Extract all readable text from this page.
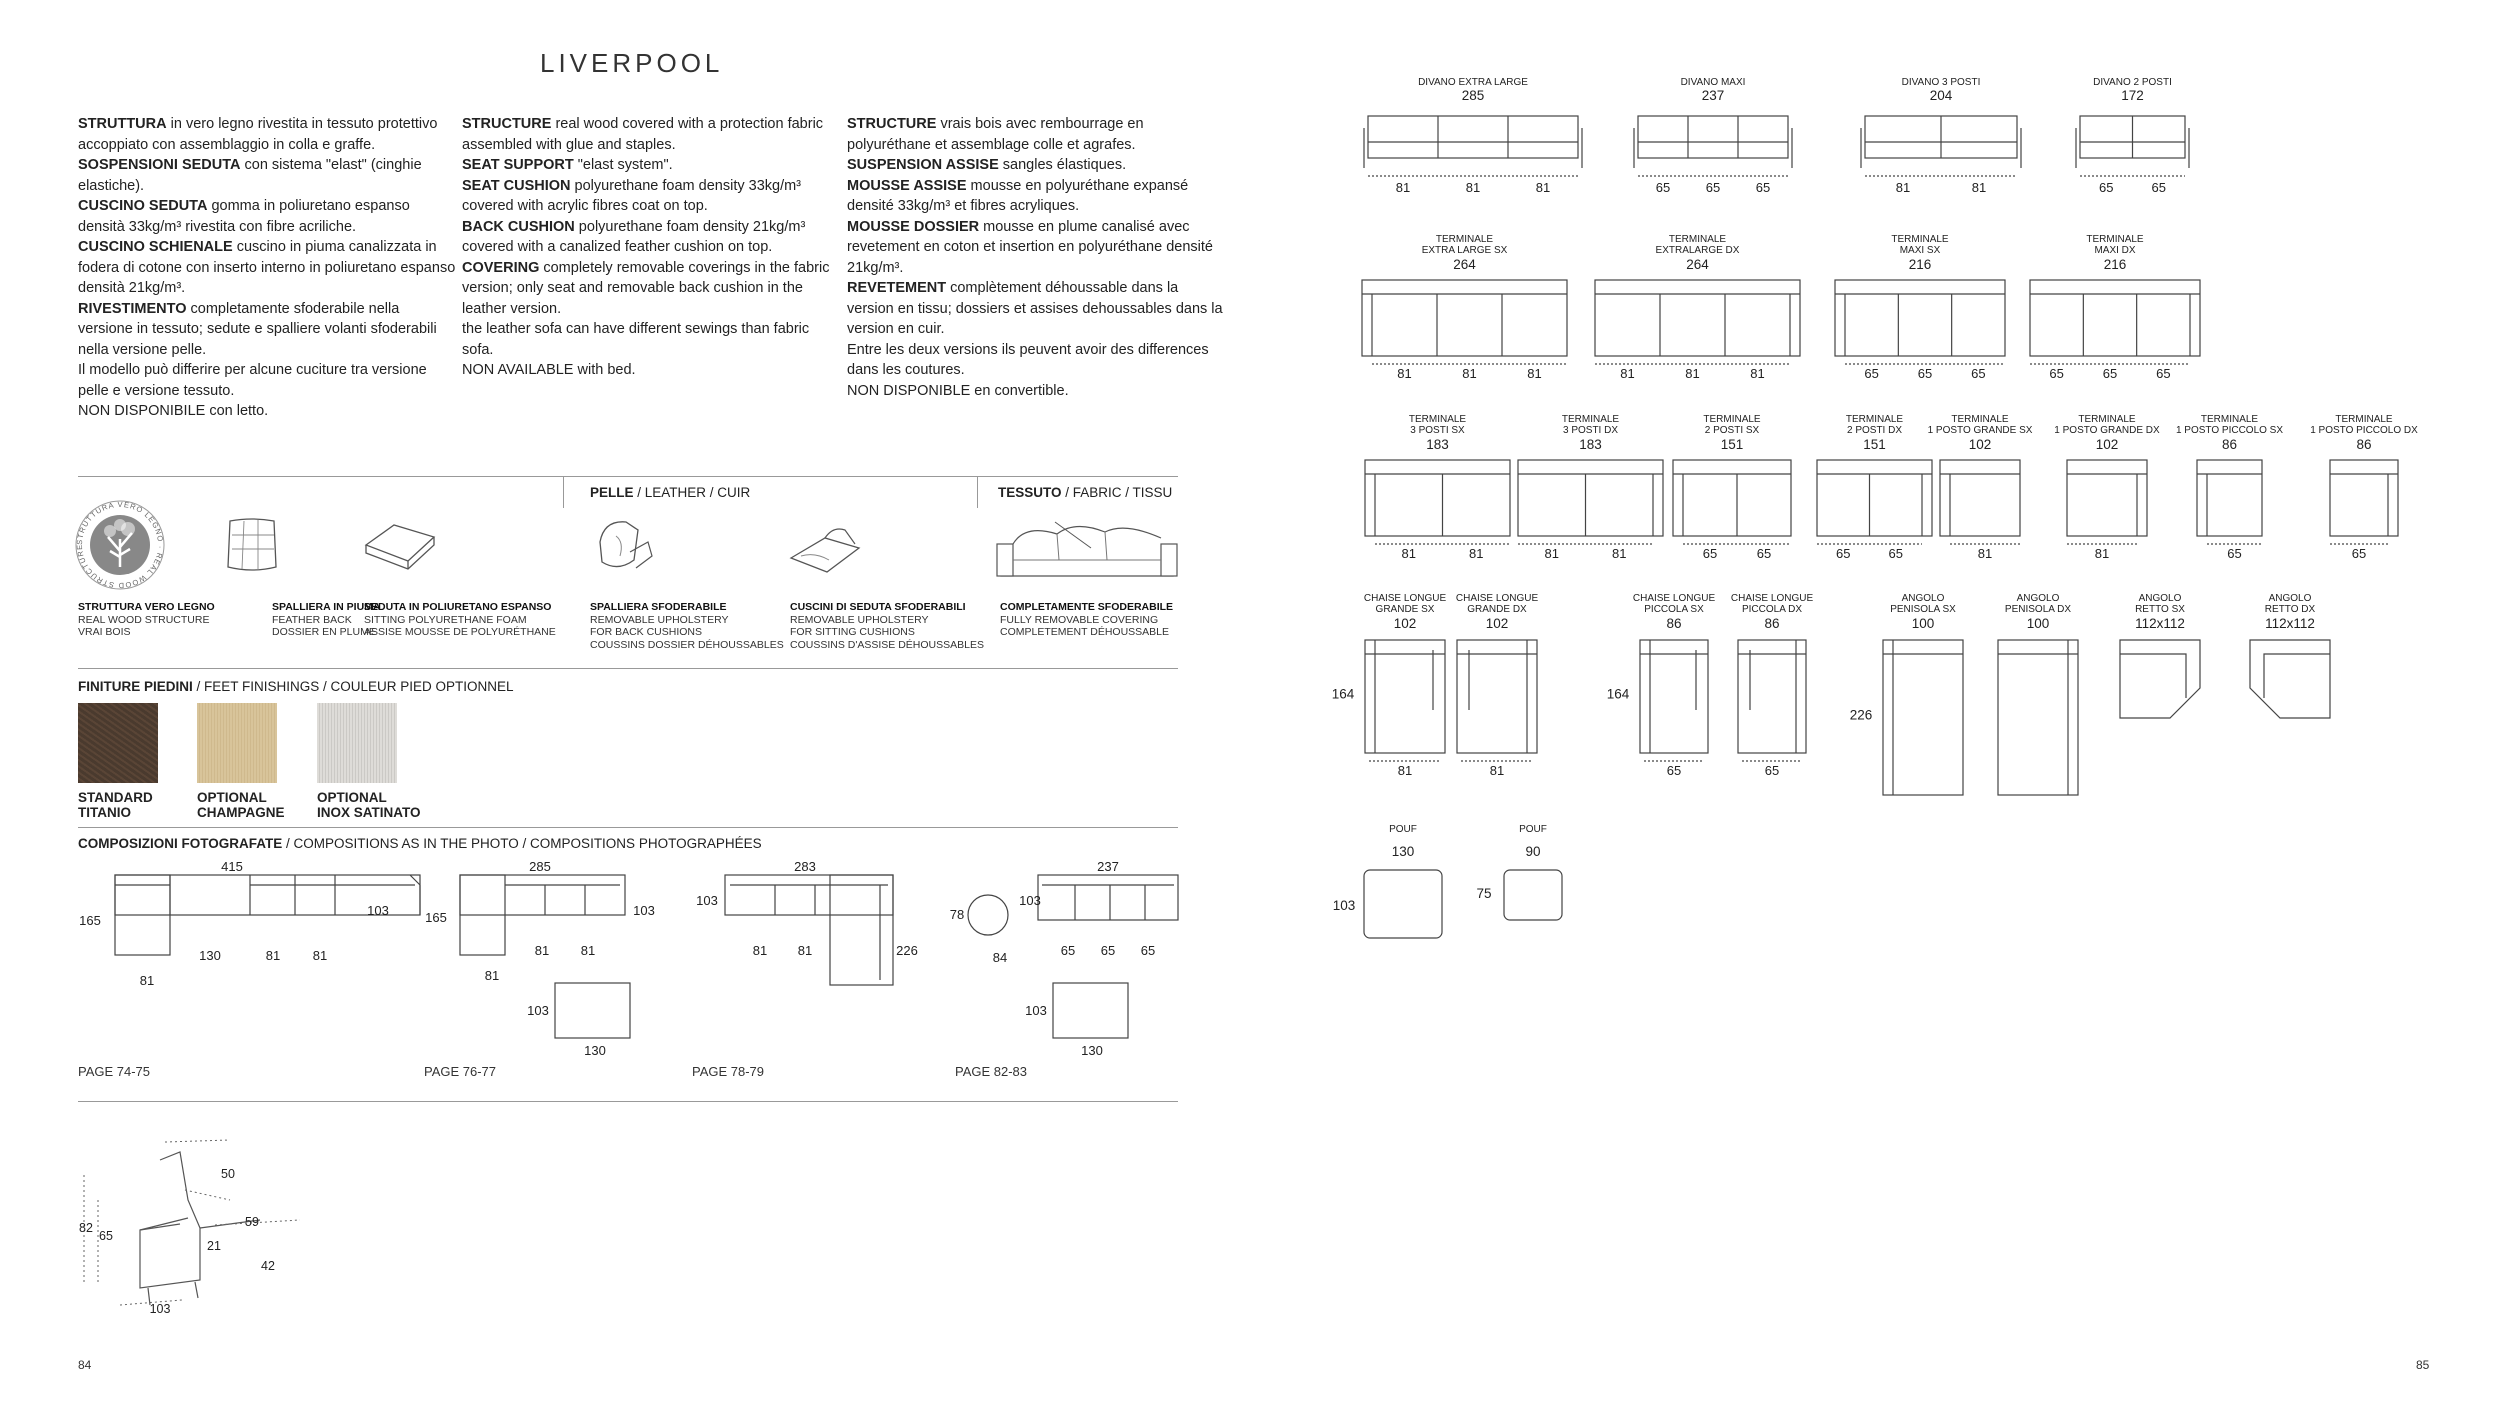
LIVERPOOL
STRUTTURA in vero legno rivestita in tessuto protettivo accoppiato con assemblaggio in colla e graffe.
SOSPENSIONI SEDUTA con sistema "elast" (cinghie elastiche).
CUSCINO SEDUTA gomma in poliuretano espanso densità 33kg/m³ rivestita con fibre acriliche.
CUSCINO SCHIENALE cuscino in piuma canalizzata in fodera di cotone con inserto interno in poliuretano espanso densità 21kg/m³.
RIVESTIMENTO completamente sfoderabile nella versione in tessuto; sedute e spalliere volanti sfoderabili nella versione pelle.
Il modello può differire per alcune cuciture tra versione pelle e versione tessuto.
NON DISPONIBILE con letto.
STRUCTURE real wood covered with a protection fabric assembled with glue and staples.
SEAT SUPPORT "elast system".
SEAT CUSHION polyurethane foam density 33kg/m³ covered with acrylic fibres coat on top.
BACK CUSHION polyurethane foam density 21kg/m³ covered with a canalized feather cushion on top.
COVERING completely removable coverings in the fabric version; only seat and removable back cushion in the leather version.
the leather sofa can have different sewings than fabric sofa.
NON AVAILABLE with bed.
STRUCTURE vrais bois avec rembourrage en polyuréthane et assemblage colle et agrafes.
SUSPENSION ASSISE sangles élastiques.
MOUSSE ASSISE mousse en polyuréthane expansé densité 33kg/m³ et fibres acryliques.
MOUSSE DOSSIER mousse en plume canalisé avec revetement en coton et insertion en polyuréthane densité 21kg/m³.
REVETEMENT complètement déhoussable dans la version en tissu; dossiers et assises dehoussables dans la version en cuir.
Entre les deux versions ils peuvent avoir des differences dans les coutures.
NON DISPONIBLE en convertible.
PELLE / LEATHER / CUIR	TESSUTO / FABRIC / TISSU
STRUTTURA VERO LEGNO · REAL WOOD STRUCTURE
STRUTTURA VERO LEGNO
REAL WOOD STRUCTURE
VRAI BOIS
SPALLIERA IN PIUMA
FEATHER BACK
DOSSIER EN PLUME
SEDUTA IN POLIURETANO ESPANSO
SITTING POLYURETHANE FOAM
ASSISE MOUSSE DE POLYURÉTHANE
SPALLIERA SFODERABILE
REMOVABLE UPHOLSTERY
FOR BACK CUSHIONS
COUSSINS DOSSIER DÉHOUSSABLES
CUSCINI DI SEDUTA SFODERABILI
REMOVABLE UPHOLSTERY
FOR SITTING CUSHIONS
COUSSINS D'ASSISE DÉHOUSSABLES
COMPLETAMENTE SFODERABILE
FULLY REMOVABLE COVERING
COMPLETEMENT DÉHOUSSABLE
FINITURE PIEDINI / FEET FINISHINGS / COULEUR PIED OPTIONNEL
STANDARD
TITANIO
OPTIONAL
CHAMPAGNE
OPTIONAL
INOX SATINATO
COMPOSIZIONI FOTOGRAFATE / COMPOSITIONS AS IN THE PHOTO / COMPOSITIONS PHOTOGRAPHÉES
415
165
103
130	81	81
81
285
165	103
81 81
81
103
130
283
103
226
81 81
237
78
84
103
65 65 65
103
130
PAGE 74-75	PAGE 76-77	PAGE 78-79	PAGE 82-83
82
65
50
59
21
42
103
84
DIVANO EXTRA LARGE
285
81	81	81
DIVANO MAXI
237
65	65	65
DIVANO 3 POSTI
204
81	81
DIVANO 2 POSTI
172
65	65
TERMINALE
EXTRA LARGE SX
264
81	81	81
TERMINALE
EXTRALARGE DX
264
81	81	81
TERMINALE
MAXI SX
216
65	65	65
TERMINALE
MAXI DX
216
65	65	65
TERMINALE
3 POSTI SX
183
81	81
TERMINALE
3 POSTI DX
183
81	81
TERMINALE
2 POSTI SX
151
65	65
TERMINALE
2 POSTI DX
151
65	65
TERMINALE
1 POSTO GRANDE SX
102
81
TERMINALE
1 POSTO GRANDE DX
102
81
TERMINALE
1 POSTO PICCOLO SX
86
65
TERMINALE
1 POSTO PICCOLO DX
86
65
CHAISE LONGUE
GRANDE SX
102
81
164
CHAISE LONGUE
GRANDE DX
102
81
CHAISE LONGUE
PICCOLA SX
86
65
164
CHAISE LONGUE
PICCOLA DX
86
65
ANGOLO
PENISOLA SX
100
226
ANGOLO
PENISOLA DX
100
ANGOLO
RETTO SX
112x112
ANGOLO
RETTO DX
112x112
POUF
130
103
POUF
90
75
85
